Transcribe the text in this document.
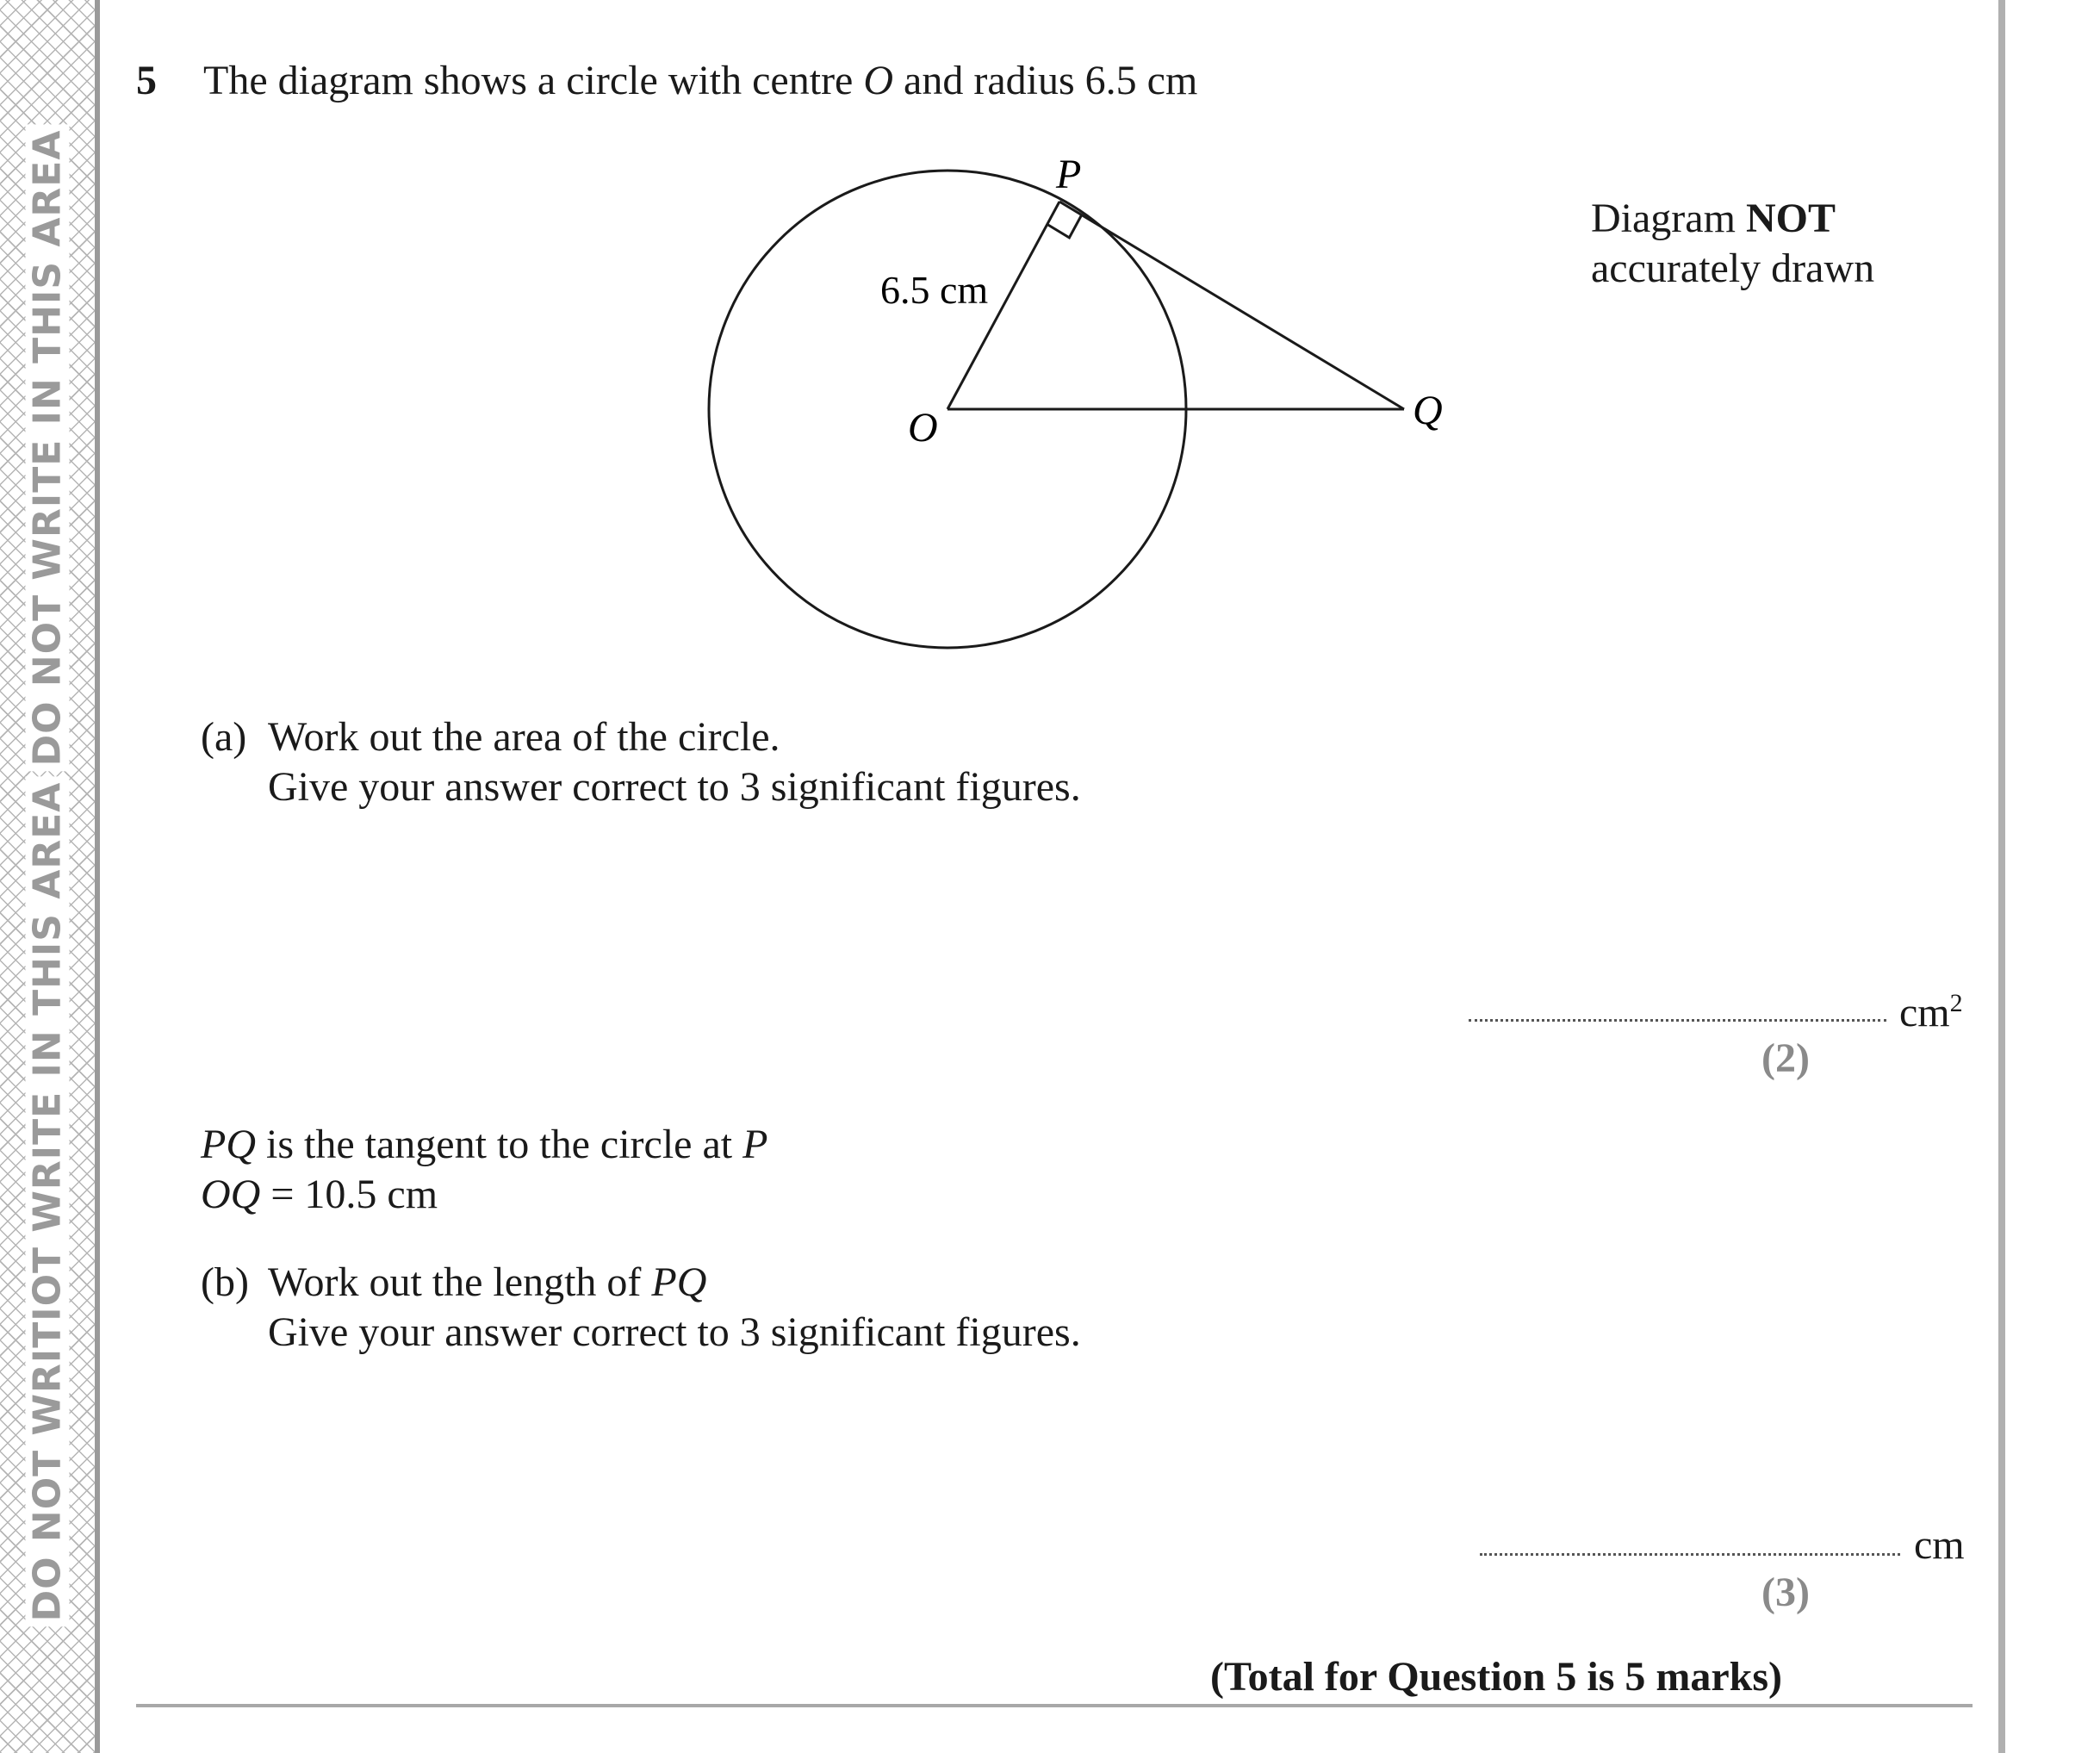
DO NOT WRITE IN THIS AREA
DO NOT WRITIOT WRITE IN THIS AREA
5 The diagram shows a circle with centre O and radius 6.5 cm
P
O	Q
6.5 cm
Diagram NOT
accurately drawn
(a) Work out the area of the circle.
Give your answer correct to 3 significant figures.
$cm^2$
(2)
PQ is the tangent to the circle at P
OQ = 10.5 cm
(b) Work out the length of PQ
Give your answer correct to 3 significant figures.
cm
(3)
(Total for Question 5 is 5 marks)
